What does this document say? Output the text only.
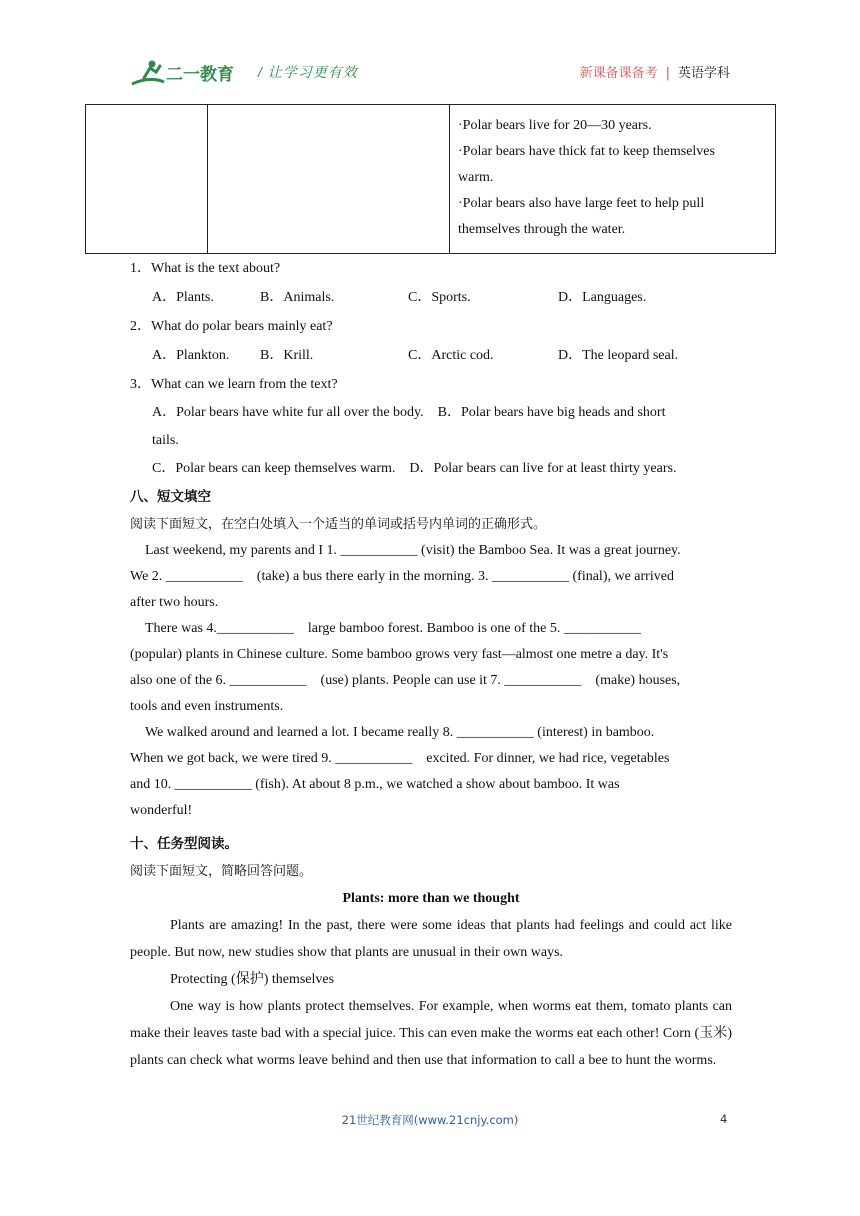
二一教育 / 让学习更有效	新课备课备考 | 英语学科

·Polar bears live for 20—30 years.
·Polar bears have thick fat to keep themselves
warm.
·Polar bears also have large feet to help pull
themselves through the water.
1．What is the text about?
A．Plants.	B．Animals.	C．Sports.	D．Languages.
2．What do polar bears mainly eat?
A．Plankton.	B．Krill.	C．Arctic cod.	D．The leopard seal.
3．What can we learn from the text?
A．Polar bears have white fur all over the body.    B．Polar bears have big heads and short
tails.
C．Polar bears can keep themselves warm.    D．Polar bears can live for at least thirty years.
八、短文填空
阅读下面短文，在空白处填入一个适当的单词或括号内单词的正确形式。
Last weekend, my parents and I 1. ___________ (visit) the Bamboo Sea. It was a great journey.
We 2. ___________    (take) a bus there early in the morning. 3. ___________ (final), we arrived
after two hours.
There was 4.___________    large bamboo forest. Bamboo is one of the 5. ___________
(popular) plants in Chinese culture. Some bamboo grows very fast—almost one metre a day. It's
also one of the 6. ___________    (use) plants. People can use it 7. ___________    (make) houses,
tools and even instruments.
We walked around and learned a lot. I became really 8. ___________ (interest) in bamboo.
When we got back, we were tired 9. ___________    excited. For dinner, we had rice, vegetables
and 10. ___________ (fish). At about 8 p.m., we watched a show about bamboo. It was
wonderful!
十、任务型阅读。
阅读下面短文，简略回答问题。
Plants: more than we thought
Plants are amazing! In the past, there were some ideas that plants had feelings and could act like people. But now, new studies show that plants are unusual in their own ways.
Protecting (保护) themselves
One way is how plants protect themselves. For example, when worms eat them, tomato plants can make their leaves taste bad with a special juice. This can even make the worms eat each other! Corn (玉米) plants can check what worms leave behind and then use that information to call a bee to hunt the worms.
21世纪教育网(www.21cnjy.com)	4
